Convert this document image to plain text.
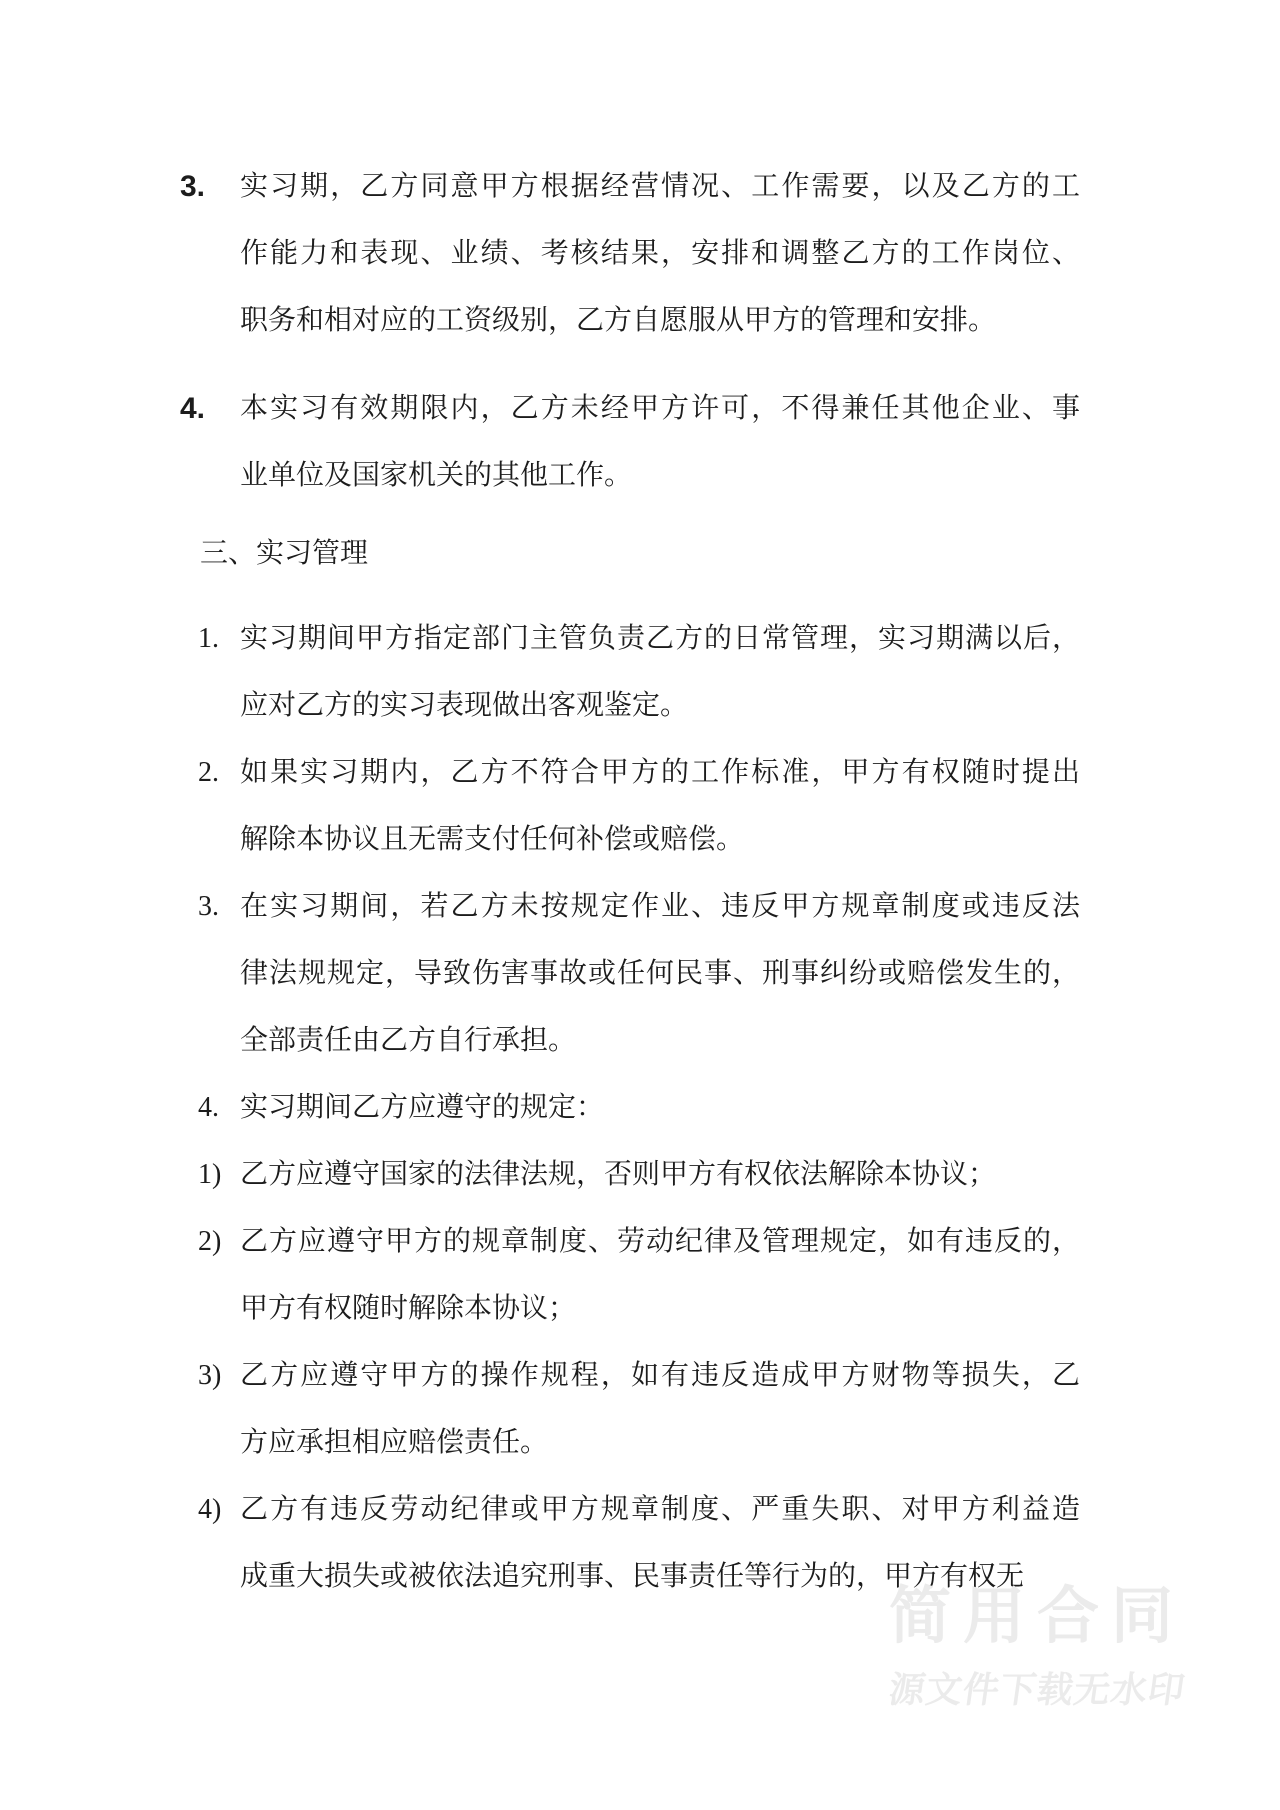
3.	实习期，乙方同意甲方根据经营情况、工作需要，以及乙方的工
作能力和表现、业绩、考核结果，安排和调整乙方的工作岗位、
职务和相对应的工资级别，乙方自愿服从甲方的管理和安排。
4.	本实习有效期限内，乙方未经甲方许可，不得兼任其他企业、事
业单位及国家机关的其他工作。
三、实习管理
1. 实习期间甲方指定部门主管负责乙方的日常管理，实习期满以后，
应对乙方的实习表现做出客观鉴定。
2. 如果实习期内，乙方不符合甲方的工作标准，甲方有权随时提出
解除本协议且无需支付任何补偿或赔偿。
3. 在实习期间，若乙方未按规定作业、违反甲方规章制度或违反法
律法规规定，导致伤害事故或任何民事、刑事纠纷或赔偿发生的，
全部责任由乙方自行承担。
4. 实习期间乙方应遵守的规定：
1) 乙方应遵守国家的法律法规，否则甲方有权依法解除本协议；
2) 乙方应遵守甲方的规章制度、劳动纪律及管理规定，如有违反的，
甲方有权随时解除本协议；
3) 乙方应遵守甲方的操作规程，如有违反造成甲方财物等损失，乙
方应承担相应赔偿责任。
4) 乙方有违反劳动纪律或甲方规章制度、严重失职、对甲方利益造
成重大损失或被依法追究刑事、民事责任等行为的，甲方有权无
简用合同
源文件下载无水印
